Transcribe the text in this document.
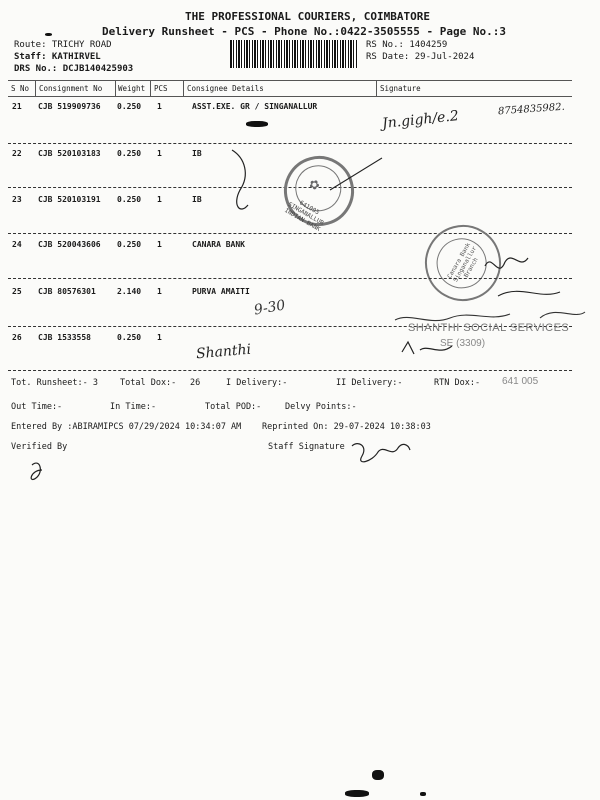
THE PROFESSIONAL COURIERS, COIMBATORE
Delivery Runsheet - PCS - Phone No.:0422-3505555 - Page No.:3
Route: TRICHY ROAD
Staff: KATHIRVEL
DRS No.: DCJB140425903
RS No.: 1404259
RS Date: 29-Jul-2024
S No Consignment No Weight PCS	Consignee Details	Signature
21 CJB 519909736 0.250 1	ASST.EXE. GR / SINGANALLUR
Jn.gigh/e.2	8754835982.
22 CJB 520103183 0.250 1	IB
✿
641005 SINGANALLUR INDIAN BANK
23 CJB 520103191 0.250 1	IB
24 CJB 520043606 0.250 1	CANARA BANK	Canara Bank Singanallur Branch
25 CJB 80576301	2.140 1	PURVA AMAITI
9-30
SHANTHI SOCIAL SERVICES
SE (3309)
641 005
26 CJB 1533558	0.250 1
Shanthi
Tot. Runsheet:- 3	Total Dox:- 26	I Delivery:-	II Delivery:-	RTN Dox:-
Out Time:-	In Time:-	Total POD:-	Delvy Points:-
Entered By :ABIRAMIPCS 07/29/2024 10:34:07 AM Reprinted On: 29-07-2024 10:38:03
Verified By	Staff Signature
